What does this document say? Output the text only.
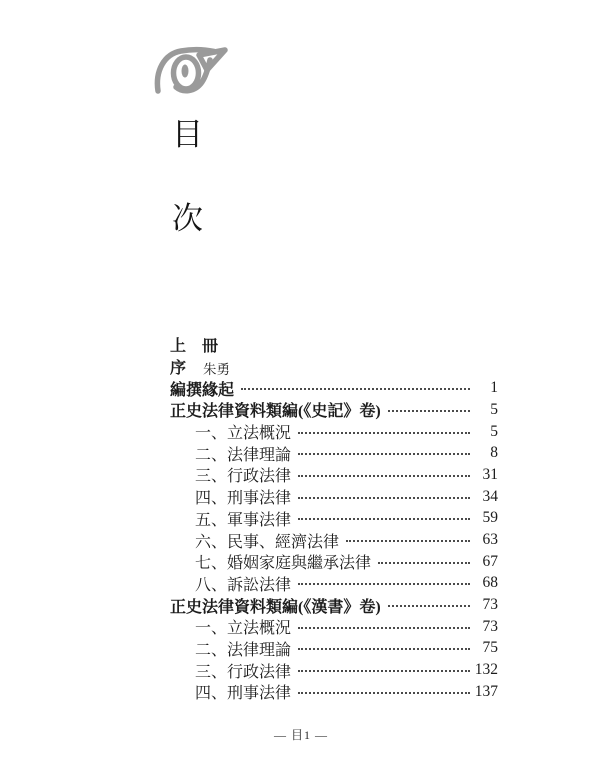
目
次
上　冊
序 朱勇
編撰緣起	1
正史法律資料類編(《史記》卷)	5
一、立法概況	5
二、法律理論	8
三、行政法律	31
四、刑事法律	34
五、軍事法律	59
六、民事、經濟法律	63
七、婚姻家庭與繼承法律	67
八、訴訟法律	68
正史法律資料類編(《漢書》卷)	73
一、立法概況	73
二、法律理論	75
三、行政法律	132
四、刑事法律	137
— 目1 —
